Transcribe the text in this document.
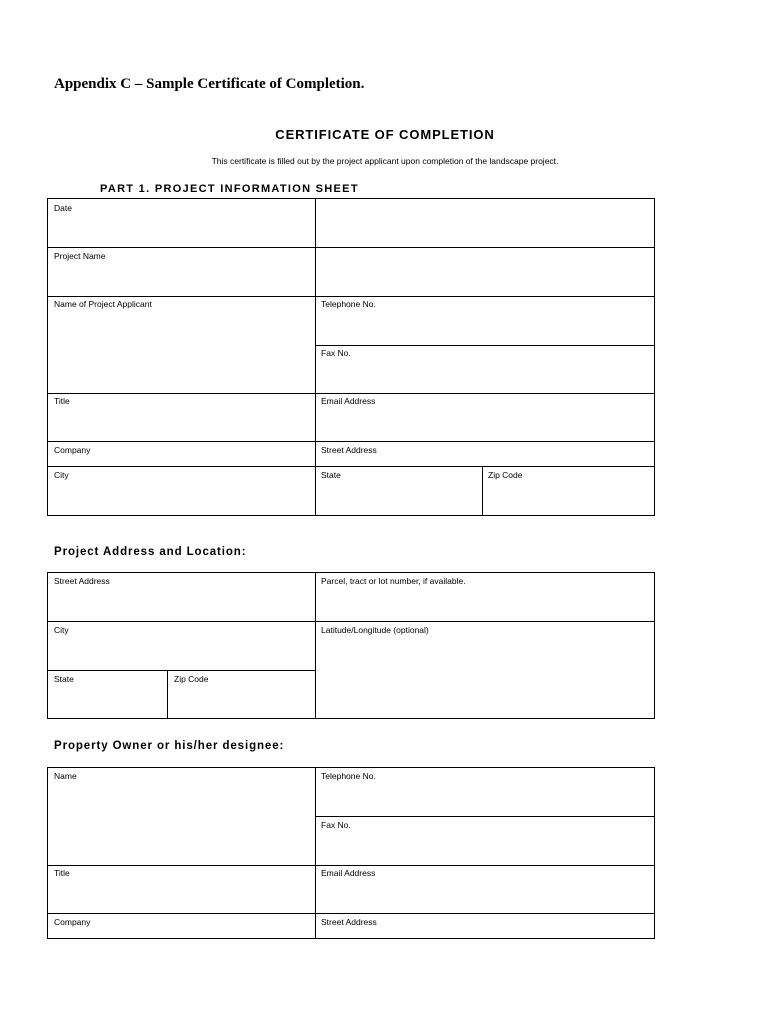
Appendix C – Sample Certificate of Completion.
CERTIFICATE OF COMPLETION
This certificate is filled out by the project applicant upon completion of the landscape project.
PART 1. PROJECT INFORMATION SHEET
Date
Project Name
Name of Project Applicant	Telephone No.
Fax No.
Title	Email Address
Company	Street Address
City	State	Zip Code
Project Address and Location:
Street Address	Parcel, tract or lot number, if available.
City	Latitude/Longitude (optional)
State	Zip Code
Property Owner or his/her designee:
Name	Telephone No.
Fax No.
Title	Email Address
Company	Street Address
